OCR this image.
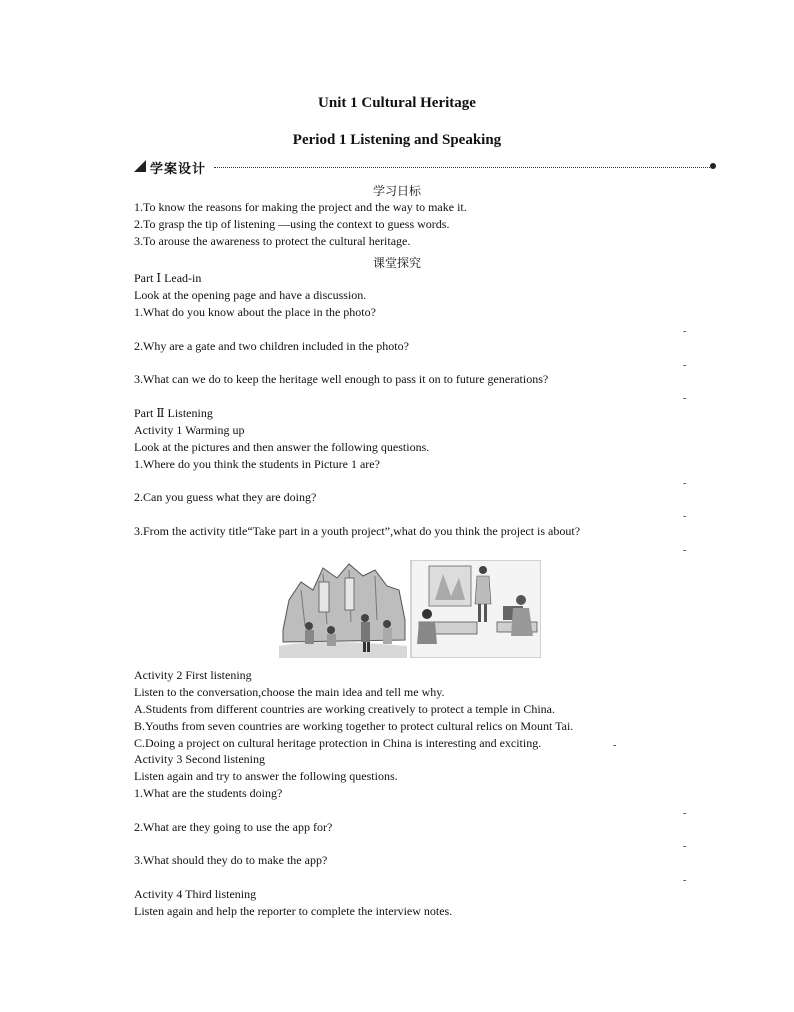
Unit 1 Cultural Heritage
Period 1 Listening and Speaking
学案设计
学习日标
1.To know the reasons for making the project and the way to make it.
2.To grasp the tip of listening —using the context to guess words.
3.To arouse the awareness to protect the cultural heritage.
课堂探究
Part Ⅰ Lead-in
Look at the opening page and have a discussion.
1.What do you know about the place in the photo?
-
2.Why are a gate and two children included in the photo?
-
3.What can we do to keep the heritage well enough to pass it on to future generations?
-
Part Ⅱ Listening
Activity 1 Warming up
Look at the pictures and then answer the following questions.
1.Where do you think the students in Picture 1 are?
-
2.Can you guess what they are doing?
-
3.From the activity title“Take part in a youth project”,what do you think the project is about?
-
Activity 2 First listening
Listen to the conversation,choose the main idea and tell me why.
A.Students from different countries are working creatively to protect a temple in China.
B.Youths from seven countries are working together to protect cultural relics on Mount Tai.
C.Doing a project on cultural heritage protection in China is interesting and exciting.	-
Activity 3 Second listening
Listen again and try to answer the following questions.
1.What are the students doing?
-
2.What are they going to use the app for?
-
3.What should they do to make the app?
-
Activity 4 Third listening
Listen again and help the reporter to complete the interview notes.
